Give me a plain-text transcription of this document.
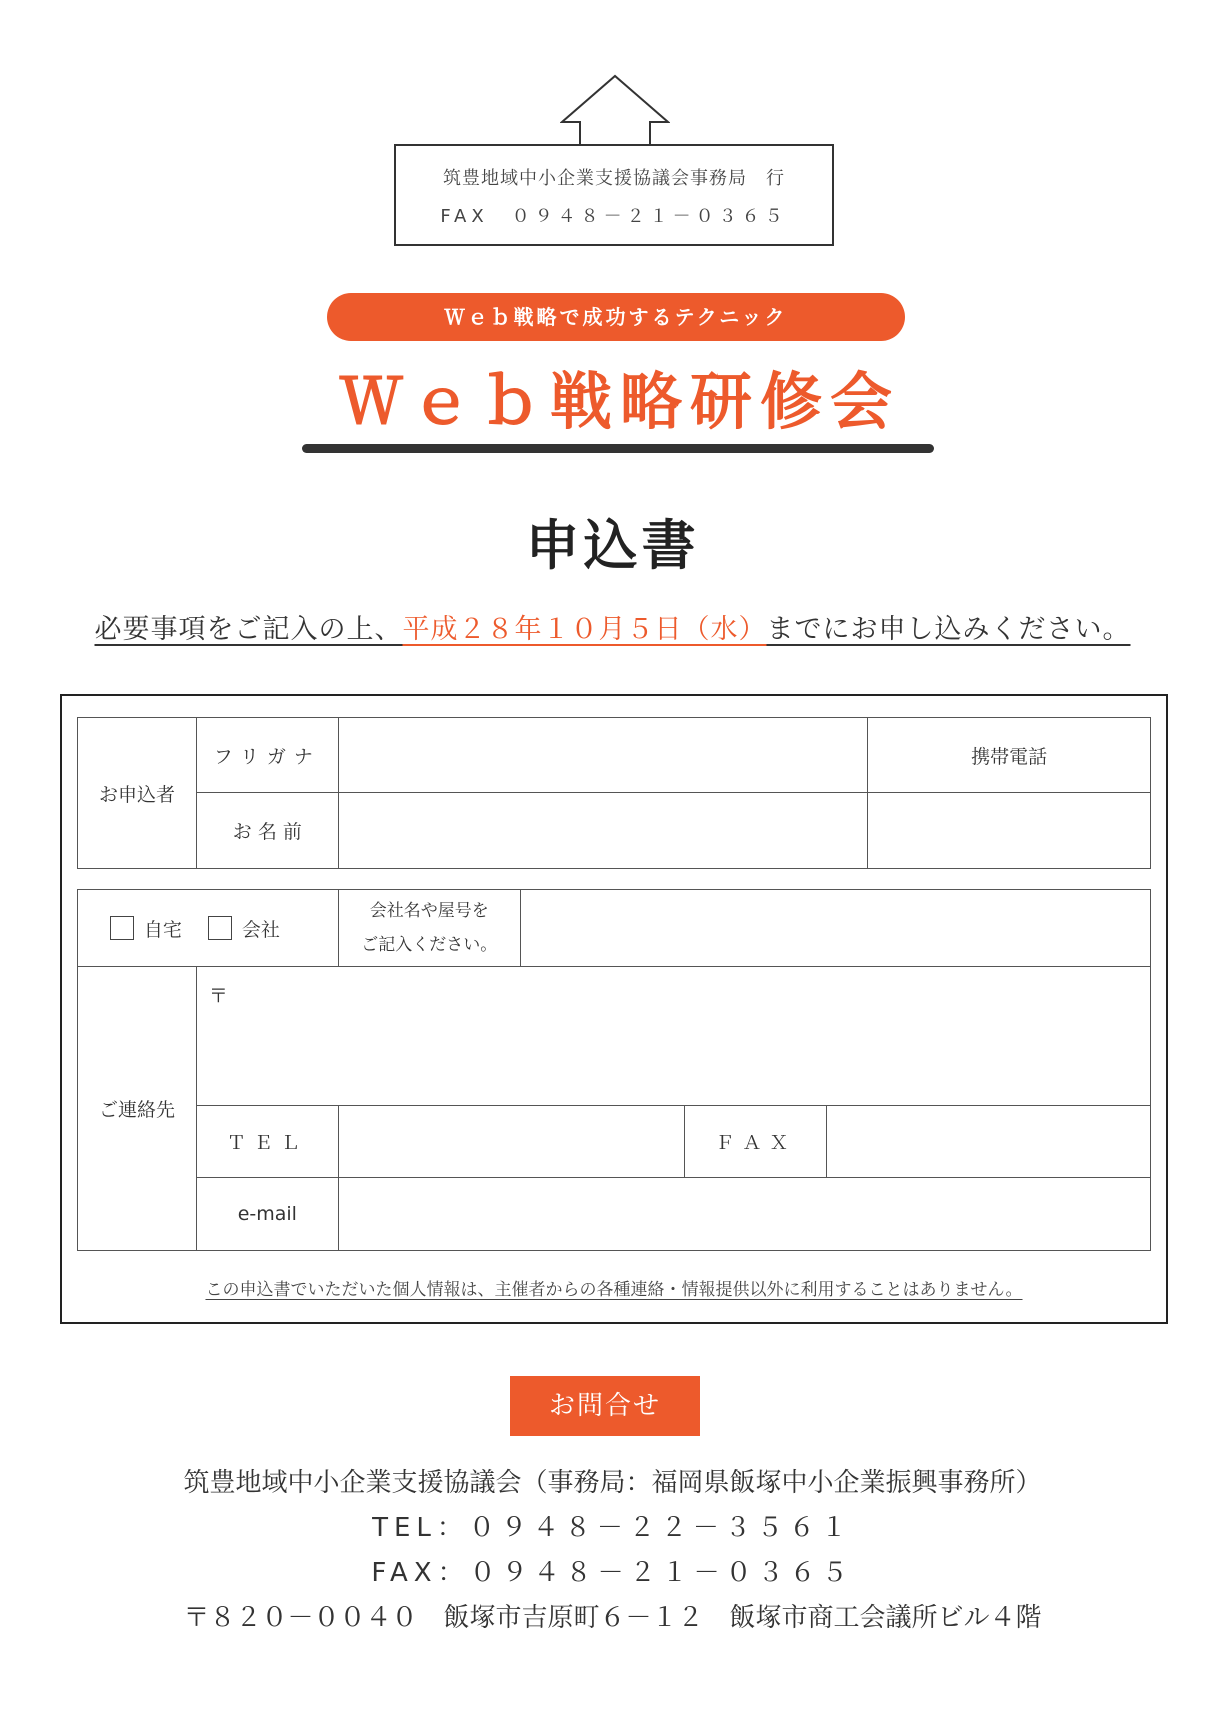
筑豊地域中小企業支援協議会事務局　行
FAX　０９４８－２１－０３６５
Ｗｅｂ戦略で成功するテクニック
Ｗｅｂ戦略研修会
申込書
必要事項をご記入の上、平成２８年１０月５日（水）までにお申し込みください。
お申込者	フリガナ		携帯電話
	お 名 前		
自宅 会社		会社名や屋号を
ご記入ください。			

ご連絡先	〒				
	ＴＥＬ			ＦＡＸ	
	e-mail				
この申込書でいただいた個人情報は、主催者からの各種連絡・情報提供以外に利用することはありません。
お問合せ
筑豊地域中小企業支援協議会（事務局：福岡県飯塚中小企業振興事務所）
TEL：０９４８－２２－３５６１
FAX：０９４８－２１－０３６５
〒８２０－００４０　飯塚市吉原町６－１２　飯塚市商工会議所ビル４階
